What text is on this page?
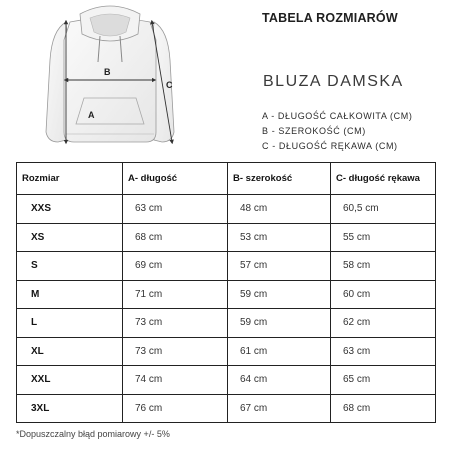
B
A
C
TABELA ROZMIARÓW
BLUZA DAMSKA
A - DŁUGOŚĆ CAŁKOWITA (CM)
B - SZEROKOŚĆ (CM)
C - DŁUGOŚĆ RĘKAWA (CM)
Rozmiar	A- długość	B- szerokość	C- długość rękawa
XXS	63 cm	48 cm	60,5 cm
XS	68 cm	53 cm	55 cm
S	69 cm	57 cm	58 cm
M	71 cm	59 cm	60 cm
L	73 cm	59 cm	62 cm
XL	73 cm	61 cm	63 cm
XXL	74 cm	64 cm	65 cm
3XL	76 cm	67 cm	68 cm
*Dopuszczalny błąd pomiarowy +/- 5%
